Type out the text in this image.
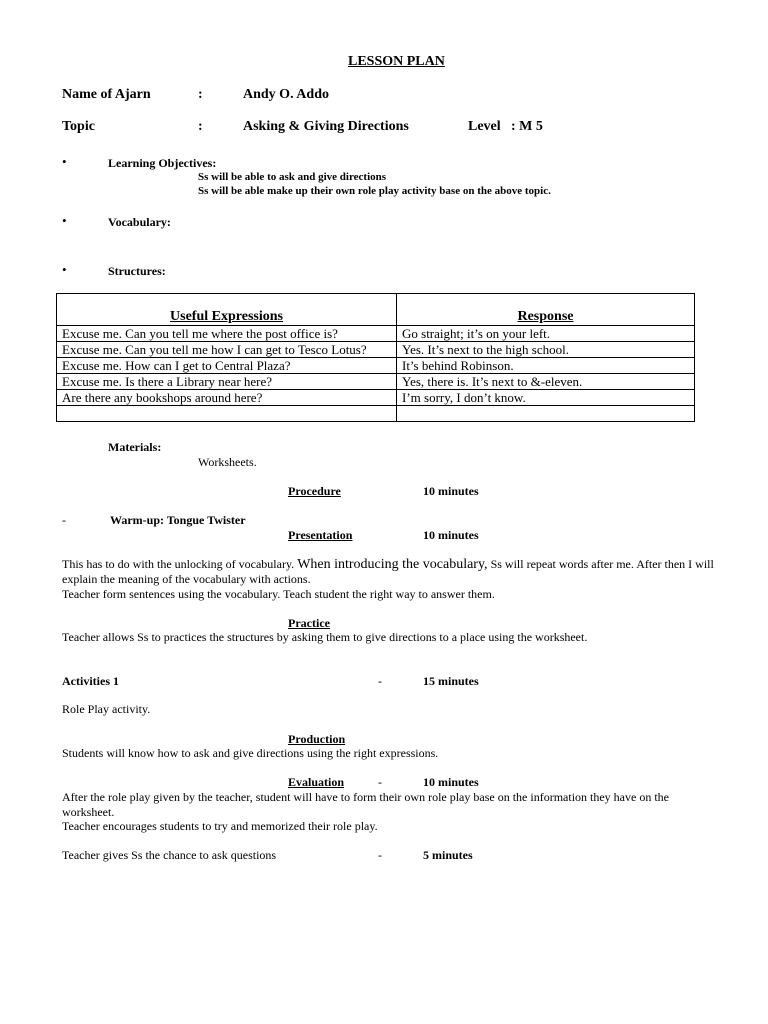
LESSON PLAN
Name of Ajarn	:	Andy O. Addo
Topic	:	Asking & Giving Directions	Level : M 5
•	Learning Objectives:
Ss will be able to ask and give directions
Ss will be able make up their own role play activity base on the above topic.
•	Vocabulary:
•	Structures:
Useful Expressions	Response
Excuse me. Can you tell me where the post office is?	Go straight; it’s on your left.
Excuse me. Can you tell me how I can get to Tesco Lotus?	Yes. It’s next to the high school.
Excuse me. How can I get to Central Plaza?	It’s behind Robinson.
Excuse me. Is there a Library near here?	Yes, there is. It’s next to &-eleven.
Are there any bookshops around here?	I’m sorry, I don’t know.

Materials:
Worksheets.
Procedure	10 minutes
-	Warm-up: Tongue Twister
Presentation	10 minutes
This has to do with the unlocking of vocabulary. When introducing the vocabulary, Ss will repeat words after me. After then I will explain the meaning of the vocabulary with actions.
Teacher form sentences using the vocabulary. Teach student the right way to answer them.
Practice
Teacher allows Ss to practices the structures by asking them to give directions to a place using the worksheet.
Activities 1	-	15 minutes
Role Play activity.
Production
Students will know how to ask and give directions using the right expressions.
Evaluation	-	10 minutes
After the role play given by the teacher, student will have to form their own role play base on the information they have on the worksheet.
Teacher encourages students to try and memorized their role play.
Teacher gives Ss the chance to ask questions	-	5 minutes
